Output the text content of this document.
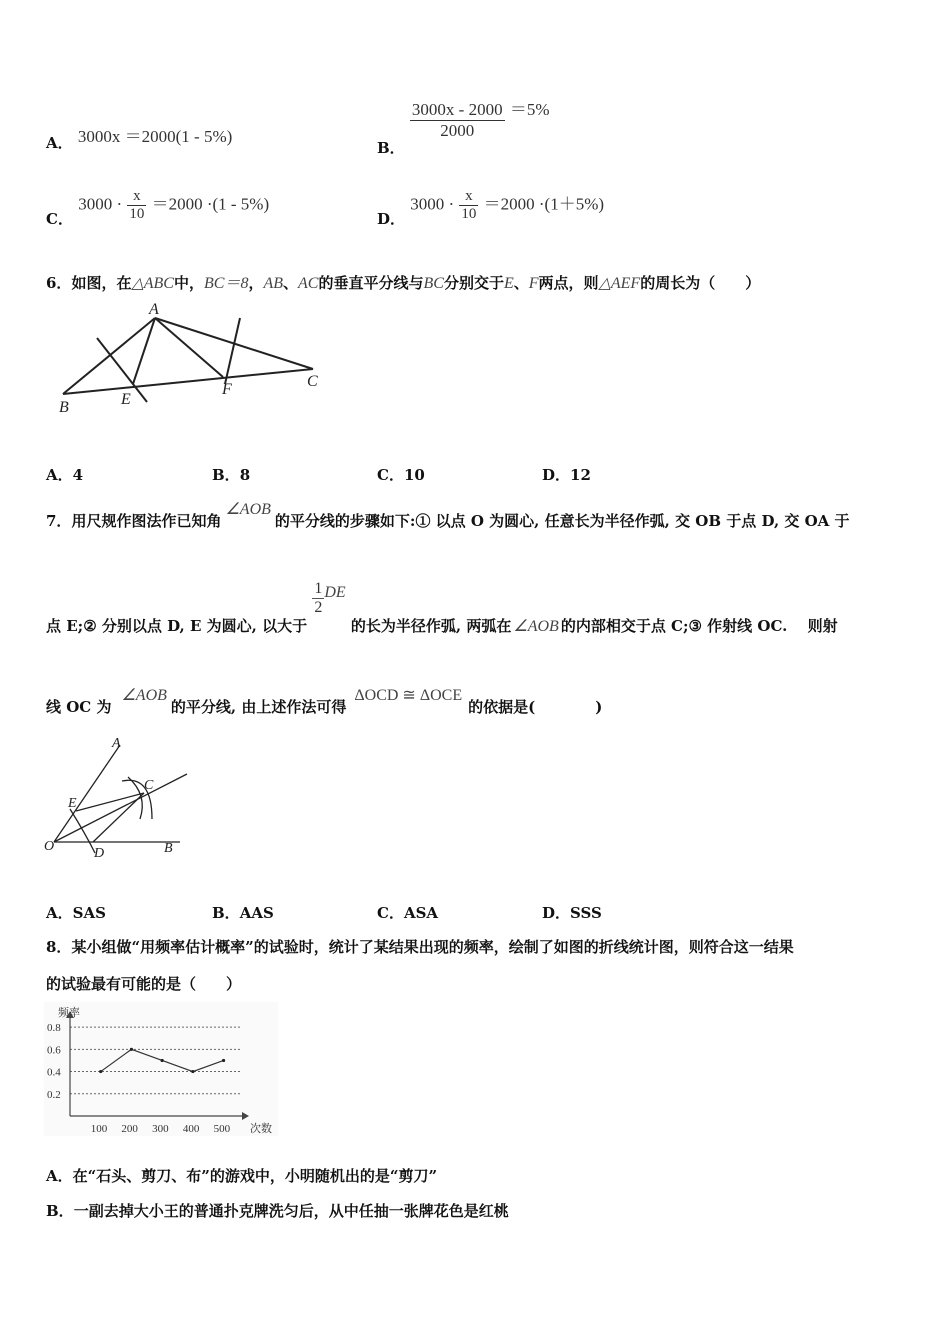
A． 3000x ＝2000(1 - 5%)
B．
$\frac{3000x - 2000}{2000} =5\%$
C． $3000 \cdot \frac{x}{10} =2000 \cdot(1 - 5\%)$
D． $3000 \cdot \frac{x}{10} =2000 \cdot(1+5\%)$
6．如图，在△ABC中，BC＝8，AB、AC的垂直平分线与BC分别交于E、F两点，则△AEF的周长为（　　）
A
B
C
E
F
A．4	B．8	C．10	D．12
7．用尺规作图法作已知角∠AOB的平分线的步骤如下:① 以点 O 为圆心, 任意长为半径作弧, 交 OB 于点 D, 交 OA 于
点 E;② 分别以点 D, E 为圆心, 以大于
$\frac{1}{2}$ DE 的长为半径作弧, 两弧在 ∠AOB 的内部相交于点 C;③ 作射线 OC.　 则射
线 OC 为∠AOB的平分线, 由上述作法可得ΔOCD ≅ ΔOCE的依据是(　　　　)
A
C
E
O	D	B
A．SAS	B．AAS	C．ASA	D．SSS
8．某小组做“用频率估计概率”的试验时，统计了某结果出现的频率，绘制了如图的折线统计图，则符合这一结果
的试验最有可能的是（　　）
频率
次数
0.2
0.4
0.6
0.8
100 200 300 400 500
A．在“石头、剪刀、布”的游戏中，小明随机出的是“剪刀”
B．一副去掉大小王的普通扑克牌洗匀后，从中任抽一张牌花色是红桃
